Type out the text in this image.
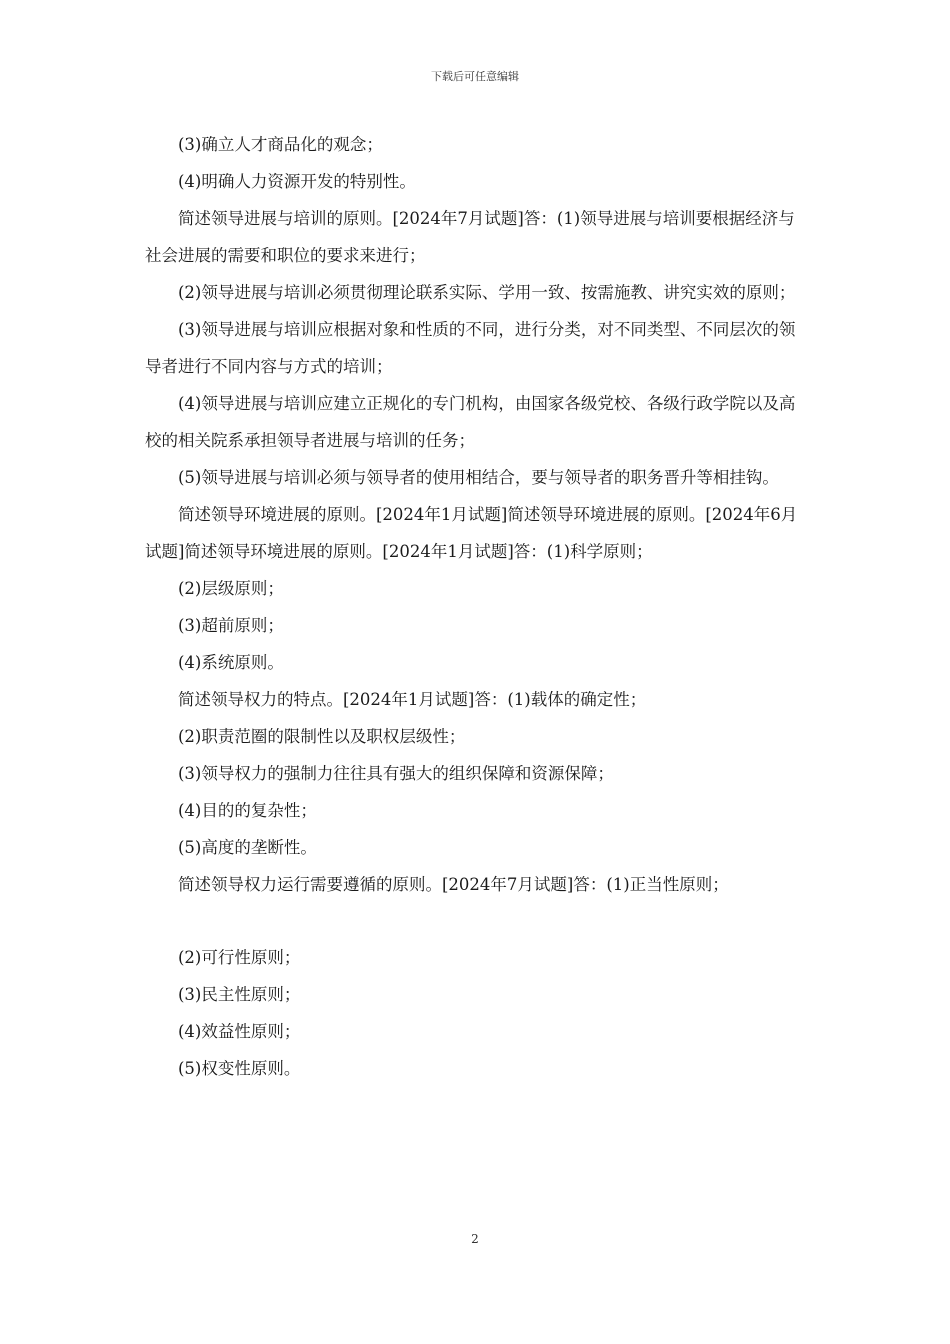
下载后可任意编辑

(3)确立人才商品化的观念；

(4)明确人力资源开发的特别性。

简述领导进展与培训的原则。[2024年7月试题]答：(1)领导进展与培训要根据经济与社会进展的需要和职位的要求来进行；

(2)领导进展与培训必须贯彻理论联系实际、学用一致、按需施教、讲究实效的原则；

(3)领导进展与培训应根据对象和性质的不同，进行分类，对不同类型、不同层次的领导者进行不同内容与方式的培训；

(4)领导进展与培训应建立正规化的专门机构，由国家各级党校、各级行政学院以及高校的相关院系承担领导者进展与培训的任务；

(5)领导进展与培训必须与领导者的使用相结合，要与领导者的职务晋升等相挂钩。

简述领导环境进展的原则。[2024年1月试题]简述领导环境进展的原则。[2024年6月试题]简述领导环境进展的原则。[2024年1月试题]答：(1)科学原则；

(2)层级原则；

(3)超前原则；

(4)系统原则。

简述领导权力的特点。[2024年1月试题]答：(1)载体的确定性；

(2)职责范圈的限制性以及职权层级性；

(3)领导权力的强制力往往具有强大的组织保障和资源保障；

(4)目的的复杂性；

(5)高度的垄断性。

简述领导权力运行需要遵循的原则。[2024年7月试题]答：(1)正当性原则；

(2)可行性原则；

(3)民主性原则；

(4)效益性原则；

(5)权变性原则。

2
